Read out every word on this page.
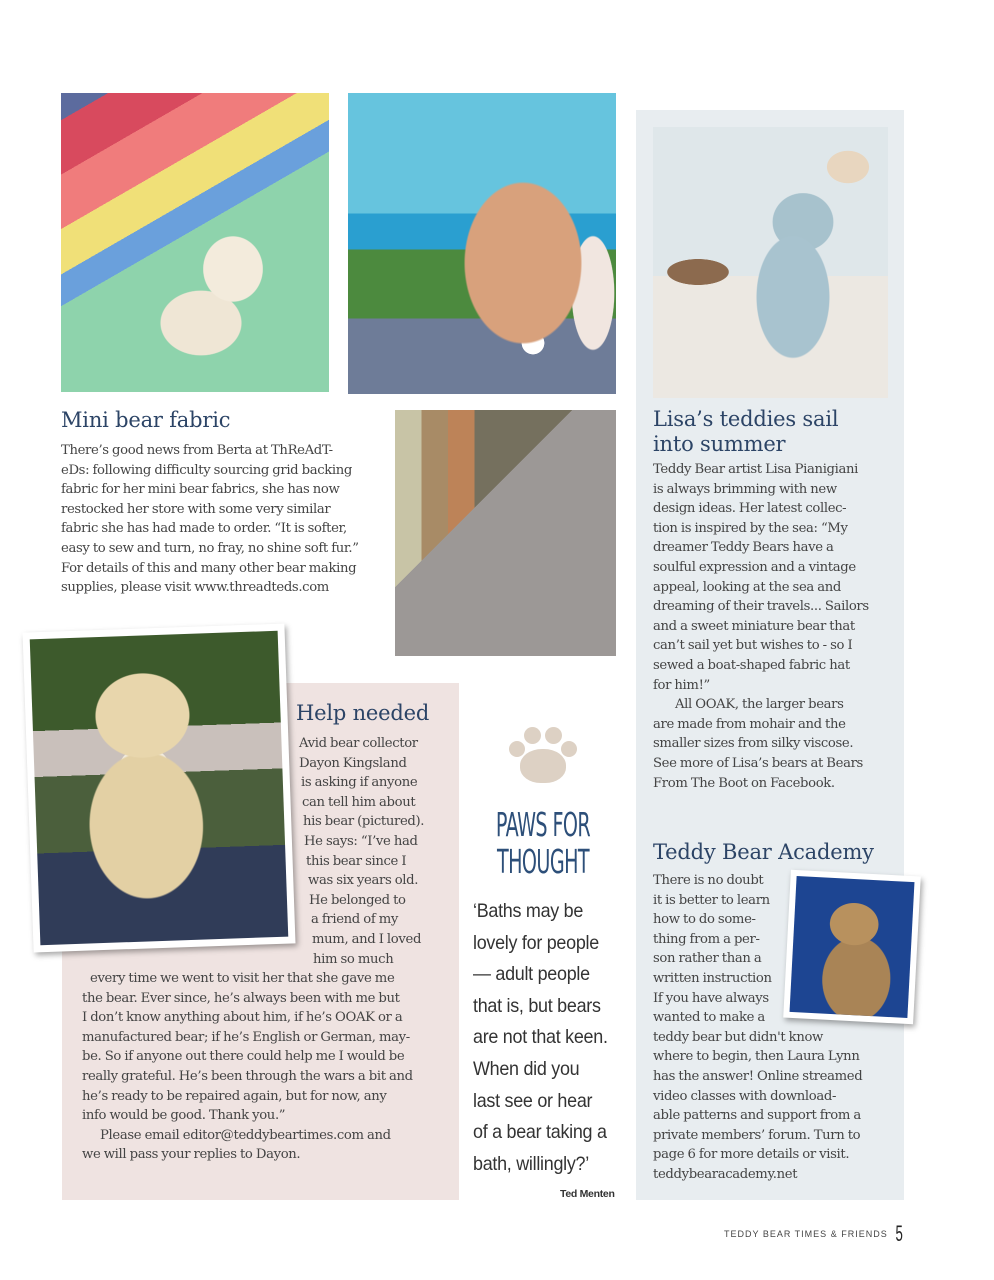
Mini bear fabric
There’s good news from Berta at ThReAdT-
eDs: following difficulty sourcing grid backing
fabric for her mini bear fabrics, she has now
restocked her store with some very similar
fabric she has had made to order. “It is softer,
easy to sew and turn, no fray, no shine soft fur.”
For details of this and many other bear making
supplies, please visit www.threadteds.com
Lisa’s teddies sail
into summer
Teddy Bear artist Lisa Pianigiani
is always brimming with new
design ideas. Her latest collec-
tion is inspired by the sea: “My
dreamer Teddy Bears have a
soulful expression and a vintage
appeal, looking at the sea and
dreaming of their travels... Sailors
and a sweet miniature bear that
can’t sail yet but wishes to - so I
sewed a boat-shaped fabric hat
for him!”
All OOAK, the larger bears
are made from mohair and the
smaller sizes from silky viscose.
See more of Lisa’s bears at Bears
From The Boot on Facebook.
Teddy Bear Academy
There is no doubt
it is better to learn
how to do some-
thing from a per-
son rather than a
written instruction
If you have always
wanted to make a
teddy bear but didn't know
where to begin, then Laura Lynn
has the answer! Online streamed
video classes with download-
able patterns and support from a
private members’ forum. Turn to
page 6 for more details or visit.
teddybearacademy.net
Help needed
Avid bear collector
Dayon Kingsland
is asking if anyone
can tell him about
his bear (pictured).
He says: “I’ve had
this bear since I
was six years old.
He belonged to
a friend of my
mum, and I loved
him so much
every time we went to visit her that she gave me
the bear. Ever since, he’s always been with me but
I don’t know anything about him, if he’s OOAK or a
manufactured bear; if he’s English or German, may-
be. So if anyone out there could help me I would be
really grateful. He’s been through the wars a bit and
he’s ready to be repaired again, but for now, any
info would be good. Thank you.”
Please email editor@teddybeartimes.com and
we will pass your replies to Dayon.
PAWS FOR
THOUGHT
‘Baths may be
lovely for people
— adult people
that is, but bears
are not that keen.
When did you
last see or hear
of a bear taking a
bath, willingly?’
Ted Menten
TEDDY BEAR TIMES & FRIENDS 5
